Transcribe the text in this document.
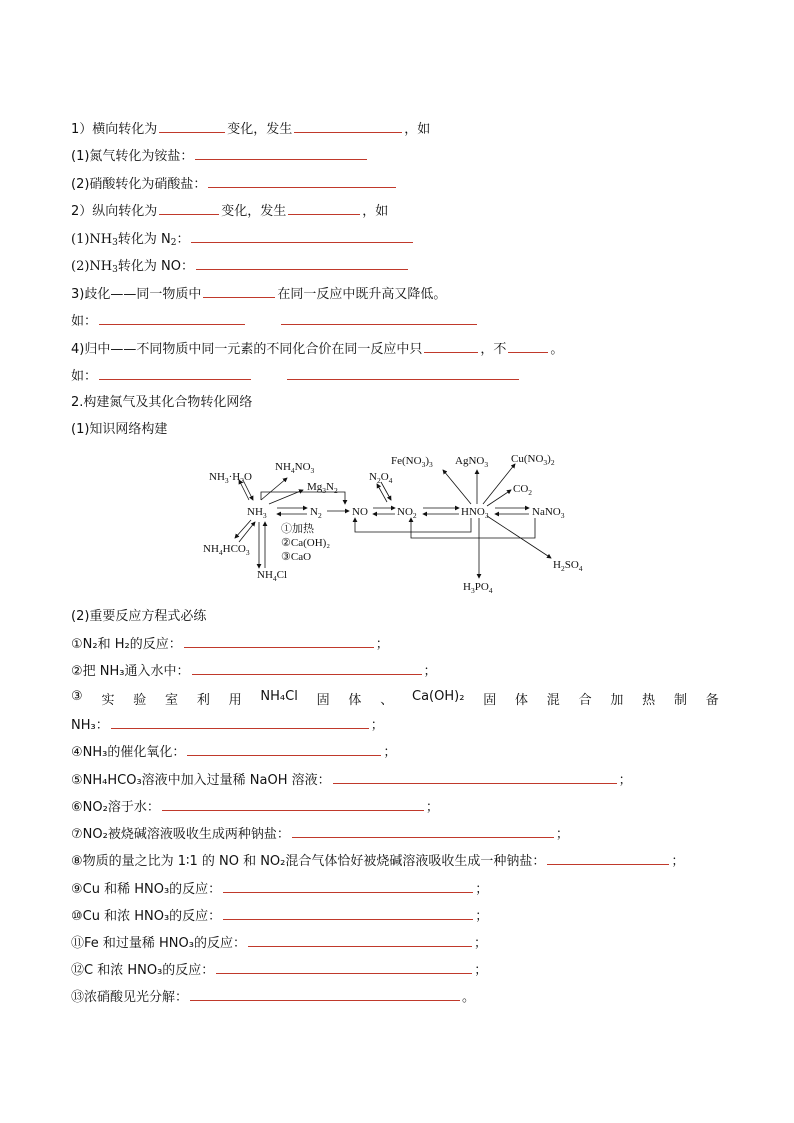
1）横向转化为	变化，发生	，如
(1)氮气转化为铵盐：
(2)硝酸转化为硝酸盐：
2）纵向转化为	变化，发生	，如
$(1)NH_3$转化为 $N_2$：
$(2)NH_3$转化为 NO：
3)歧化——同一物质中	在同一反应中既升高又降低。
如：
4)归中——不同物质中同一元素的不同化合价在同一反应中只	，不	。
如：
2.构建氮气及其化合物转化网络
(1)知识网络构建
$NH_3\cdot H_2O$
$NH_4NO_3$
$Mg_3N_2$
$NH_3$	$N_2$	NO	$NO_2$
$N_2O_4$
$HNO_3$	NaNO$_3$
$Fe(NO_3)_3$ AgNO$_3$ $Cu(NO_3)_2$
$CO_2$
$H_2SO_4$
$H_3PO_4$
$NH_4HCO_3$
$NH_4Cl$
①加热
②Ca(OH)₂
③CaO
(2)重要反应方程式必练
①N₂和 H₂的反应：	；
②把 NH₃通入水中：	；
③ 实 验 室 利 用 NH₄Cl 固 体 、 Ca(OH)₂ 固 体 混 合 加 热 制 备
NH₃：	；
④NH₃的催化氧化：	；
⑤NH₄HCO₃溶液中加入过量稀 NaOH 溶液：	；
⑥NO₂溶于水：	；
⑦NO₂被烧碱溶液吸收生成两种钠盐：	；
⑧物质的量之比为 1∶1 的 NO 和 NO₂混合气体恰好被烧碱溶液吸收生成一种钠盐：	；
⑨Cu 和稀 HNO₃的反应：	；
⑩Cu 和浓 HNO₃的反应：	；
⑪Fe 和过量稀 HNO₃的反应：	；
⑫C 和浓 HNO₃的反应：	；
⑬浓硝酸见光分解：	。
